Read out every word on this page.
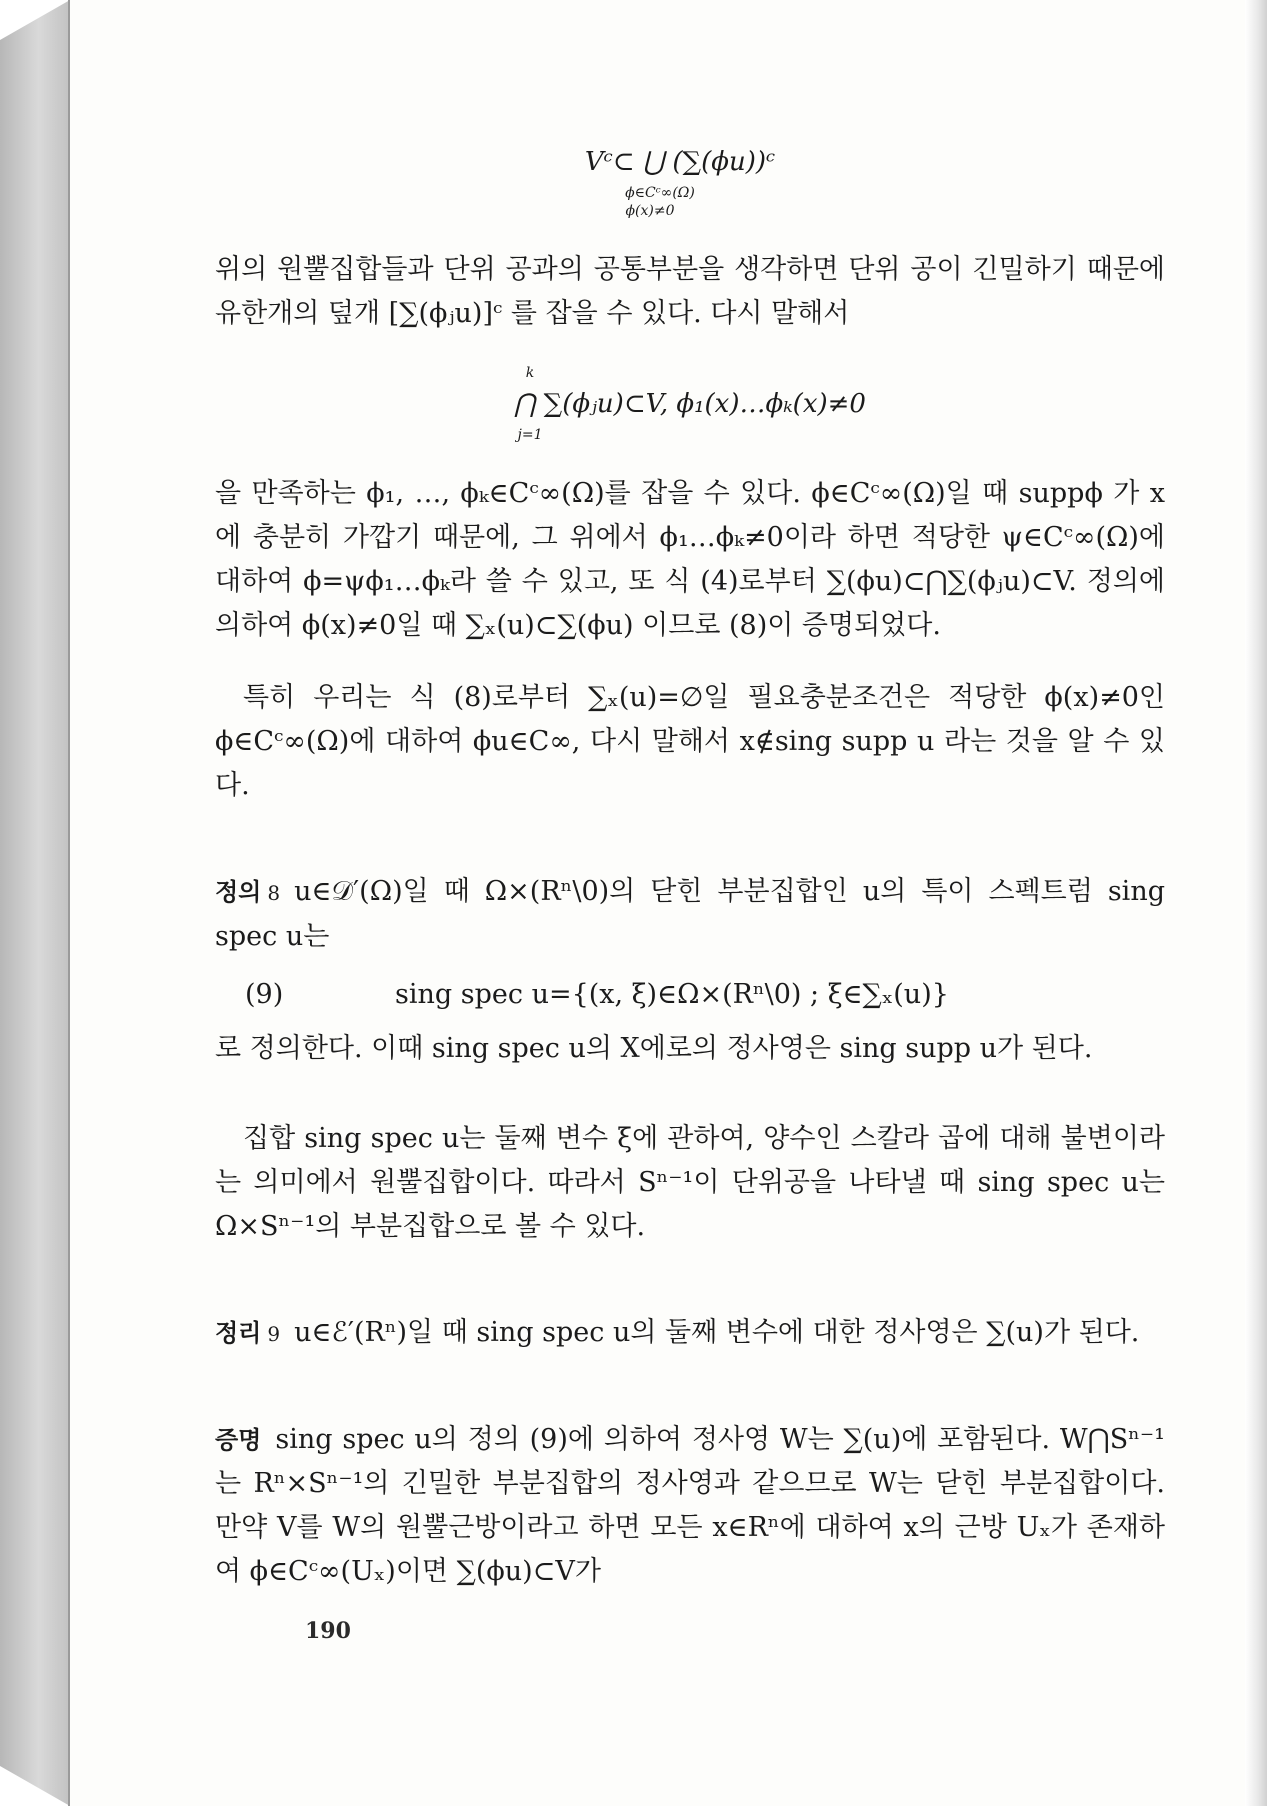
Vᶜ⊂ ⋃ (∑(ϕu))ᶜ
ϕ∈Cᶜ∞(Ω)
ϕ(x)≠0

위의 원뿔집합들과 단위 공과의 공통부분을 생각하면 단위 공이 긴밀하기 때문에 유한개의 덮개 [∑(ϕⱼu)]ᶜ 를 잡을 수 있다. 다시 말해서

k
⋂ ∑(ϕⱼu)⊂V, ϕ₁(x)…ϕₖ(x)≠0
j=1

을 만족하는 ϕ₁, …, ϕₖ∈Cᶜ∞(Ω)를 잡을 수 있다. ϕ∈Cᶜ∞(Ω)일 때 suppϕ 가 x에 충분히 가깝기 때문에, 그 위에서 ϕ₁…ϕₖ≠0이라 하면 적당한 ψ∈Cᶜ∞(Ω)에 대하여 ϕ=ψϕ₁…ϕₖ라 쓸 수 있고, 또 식 (4)로부터 ∑(ϕu)⊂⋂∑(ϕⱼu)⊂V. 정의에 의하여 ϕ(x)≠0일 때 ∑ₓ(u)⊂∑(ϕu) 이므로 (8)이 증명되었다.

특히 우리는 식 (8)로부터 ∑ₓ(u)=∅일 필요충분조건은 적당한 ϕ(x)≠0인 ϕ∈Cᶜ∞(Ω)에 대하여 ϕu∈C∞, 다시 말해서 x∉sing supp u 라는 것을 알 수 있다.

정의 8 u∈𝒟′(Ω)일 때 Ω×(Rⁿ\0)의 닫힌 부분집합인 u의 특이 스펙트럼 sing spec u는

(9)	sing spec u={(x, ξ)∈Ω×(Rⁿ\0) ; ξ∈∑ₓ(u)}

로 정의한다. 이때 sing spec u의 X에로의 정사영은 sing supp u가 된다.

집합 sing spec u는 둘째 변수 ξ에 관하여, 양수인 스칼라 곱에 대해 불변이라는 의미에서 원뿔집합이다. 따라서 Sⁿ⁻¹이 단위공을 나타낼 때 sing spec u는 Ω×Sⁿ⁻¹의 부분집합으로 볼 수 있다.

정리 9 u∈ℰ′(Rⁿ)일 때 sing spec u의 둘째 변수에 대한 정사영은 ∑(u)가 된다.

증명 sing spec u의 정의 (9)에 의하여 정사영 W는 ∑(u)에 포함된다. W⋂Sⁿ⁻¹는 Rⁿ×Sⁿ⁻¹의 긴밀한 부분집합의 정사영과 같으므로 W는 닫힌 부분집합이다. 만약 V를 W의 원뿔근방이라고 하면 모든 x∈Rⁿ에 대하여 x의 근방 Uₓ가 존재하여 ϕ∈Cᶜ∞(Uₓ)이면 ∑(ϕu)⊂V가

190
